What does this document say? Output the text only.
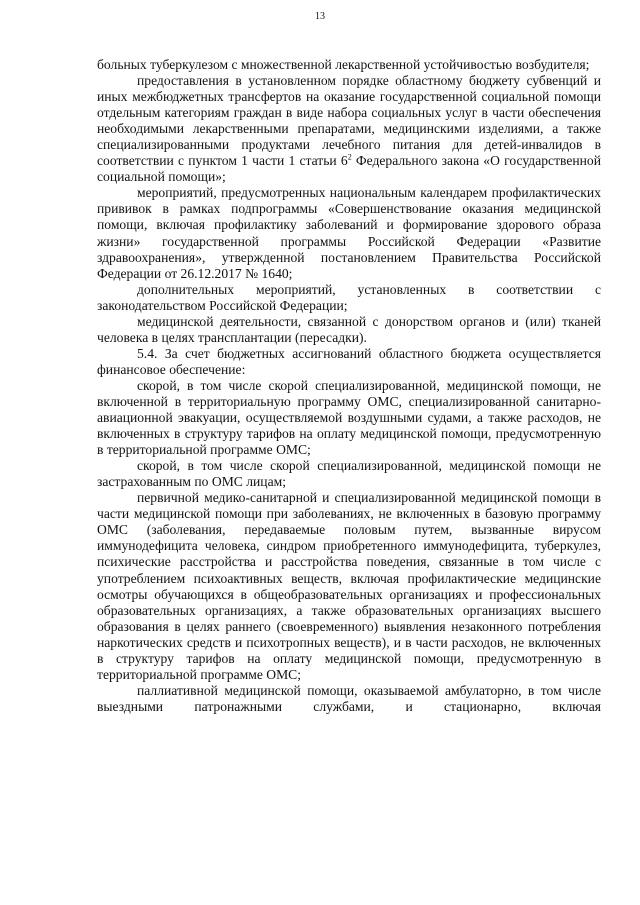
13

больных туберкулезом с множественной лекарственной устойчивостью возбудителя;

предоставления в установленном порядке областному бюджету субвенций и иных межбюджетных трансфертов на оказание государственной социальной помощи отдельным категориям граждан в виде набора социальных услуг в части обеспечения необходимыми лекарственными препаратами, медицинскими изделиями, а также специализированными продуктами лечебного питания для детей-инвалидов в соответствии с пунктом 1 части 1 статьи $6^2$ Федерального закона «О государственной социальной помощи»;

мероприятий, предусмотренных национальным календарем профилактических прививок в рамках подпрограммы «Совершенствование оказания медицинской помощи, включая профилактику заболеваний и формирование здорового образа жизни» государственной программы Российской Федерации «Развитие здравоохранения», утвержденной постановлением Правительства Российской Федерации от 26.12.2017 № 1640;

дополнительных мероприятий, установленных в соответствии с законодательством Российской Федерации;

медицинской деятельности, связанной с донорством органов и (или) тканей человека в целях трансплантации (пересадки).

5.4. За счет бюджетных ассигнований областного бюджета осуществляется финансовое обеспечение:

скорой, в том числе скорой специализированной, медицинской помощи, не включенной в территориальную программу ОМС, специализированной санитарно-авиационной эвакуации, осуществляемой воздушными судами, а также расходов, не включенных в структуру тарифов на оплату медицинской помощи, предусмотренную в территориальной программе ОМС;

скорой, в том числе скорой специализированной, медицинской помощи не застрахованным по ОМС лицам;

первичной медико-санитарной и специализированной медицинской помощи в части медицинской помощи при заболеваниях, не включенных в базовую программу ОМС (заболевания, передаваемые половым путем, вызванные вирусом иммунодефицита человека, синдром приобретенного иммунодефицита, туберкулез, психические расстройства и расстройства поведения, связанные в том числе с употреблением психоактивных веществ, включая профилактические медицинские осмотры обучающихся в общеобразовательных организациях и профессиональных образовательных организациях, а также образовательных организациях высшего образования в целях раннего (своевременного) выявления незаконного потребления наркотических средств и психотропных веществ), и в части расходов, не включенных в структуру тарифов на оплату медицинской помощи, предусмотренную в территориальной программе ОМС;

паллиативной медицинской помощи, оказываемой амбулаторно, в том числе выездными патронажными службами, и стационарно, включая
